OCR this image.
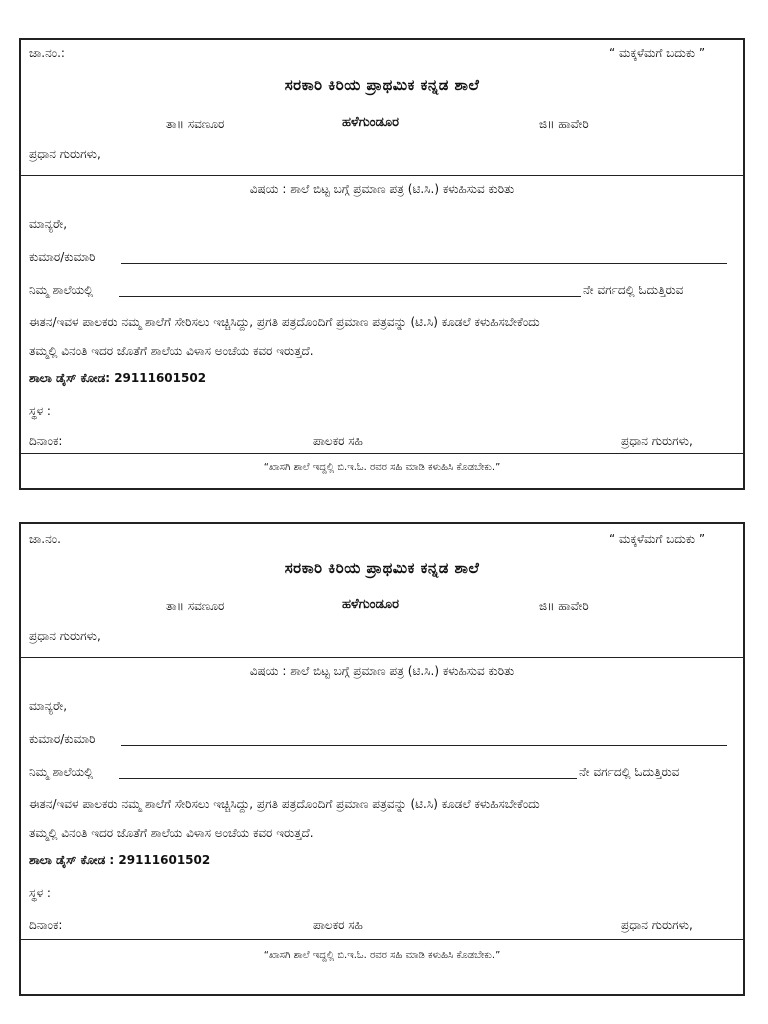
ಜಾ.ನಂ.:	“ ಮಕ್ಕಳೆಮಗೆ ಬದುಕು ”
ಸರಕಾರಿ ಕಿರಿಯ ಪ್ರಾಥಮಿಕ ಕನ್ನಡ ಶಾಲೆ
ತಾ॥ ಸವಣೂರ	ಹಳೆಗುಂಡೂರ	ಜಿ॥ ಹಾವೇರಿ
ಪ್ರಧಾನ ಗುರುಗಳು,
ವಿಷಯ : ಶಾಲೆ ಬಿಟ್ಟ ಬಗ್ಗೆ ಪ್ರಮಾಣ ಪತ್ರ (ಟಿ.ಸಿ.) ಕಳುಹಿಸುವ ಕುರಿತು
ಮಾನ್ಯರೇ,
ಕುಮಾರ/ಕುಮಾರಿ
ನಿಮ್ಮ ಶಾಲೆಯಲ್ಲಿ	ನೇ ವರ್ಗದಲ್ಲಿ ಓದುತ್ತಿರುವ
ಈತನ/ಇವಳ ಪಾಲಕರು ನಮ್ಮ ಶಾಲೆಗೆ ಸೇರಿಸಲು ಇಚ್ಚಿಸಿದ್ದು, ಪ್ರಗತಿ ಪತ್ರದೊಂದಿಗೆ ಪ್ರಮಾಣ ಪತ್ರವನ್ನು (ಟಿ.ಸಿ) ಕೂಡಲೆ ಕಳುಹಿಸಬೇಕೆಂದು
ತಮ್ಮಲ್ಲಿ ವಿನಂತಿ ಇದರ ಜೊತೆಗೆ ಶಾಲೆಯ ವಿಳಾಸ ಅಂಚೆಯ ಕವರ ಇರುತ್ತದೆ.
ಶಾಲಾ ಡೈಸ್ ಕೋಡ: 29111601502
ಸ್ಥಳ :
ದಿನಾಂಕ:	ಪಾಲಕರ ಸಹಿ	ಪ್ರಧಾನ ಗುರುಗಳು,
“ಖಾಸಗಿ ಶಾಲೆ ಇದ್ದಲ್ಲಿ ಬಿ.ಇ.ಓ. ರವರ ಸಹಿ ಮಾಡಿ ಕಳುಹಿಸಿ ಕೊಡಬೇಕು.”
ಜಾ.ನಂ.	“ ಮಕ್ಕಳೆಮಗೆ ಬದುಕು ”
ಸರಕಾರಿ ಕಿರಿಯ ಪ್ರಾಥಮಿಕ ಕನ್ನಡ ಶಾಲೆ
ತಾ॥ ಸವಣೂರ	ಹಳೆಗುಂಡೂರ	ಜಿ॥ ಹಾವೇರಿ
ಪ್ರಧಾನ ಗುರುಗಳು,
ವಿಷಯ : ಶಾಲೆ ಬಿಟ್ಟ ಬಗ್ಗೆ ಪ್ರಮಾಣ ಪತ್ರ (ಟಿ.ಸಿ.) ಕಳುಹಿಸುವ ಕುರಿತು
ಮಾನ್ಯರೇ,
ಕುಮಾರ/ಕುಮಾರಿ
ನಿಮ್ಮ ಶಾಲೆಯಲ್ಲಿ	ನೇ ವರ್ಗದಲ್ಲಿ ಓದುತ್ತಿರುವ
ಈತನ/ಇವಳ ಪಾಲಕರು ನಮ್ಮ ಶಾಲೆಗೆ ಸೇರಿಸಲು ಇಚ್ಚಿಸಿದ್ದು, ಪ್ರಗತಿ ಪತ್ರದೊಂದಿಗೆ ಪ್ರಮಾಣ ಪತ್ರವನ್ನು (ಟಿ.ಸಿ) ಕೂಡಲೆ ಕಳುಹಿಸಬೇಕೆಂದು
ತಮ್ಮಲ್ಲಿ ವಿನಂತಿ ಇದರ ಜೊತೆಗೆ ಶಾಲೆಯ ವಿಳಾಸ ಅಂಚೆಯ ಕವರ ಇರುತ್ತದೆ.
ಶಾಲಾ ಡೈಸ್ ಕೋಡ : 29111601502
ಸ್ಥಳ :
ದಿನಾಂಕ:	ಪಾಲಕರ ಸಹಿ	ಪ್ರಧಾನ ಗುರುಗಳು,
“ಖಾಸಗಿ ಶಾಲೆ ಇದ್ದಲ್ಲಿ ಬಿ.ಇ.ಓ. ರವರ ಸಹಿ ಮಾಡಿ ಕಳುಹಿಸಿ ಕೊಡಬೇಕು.”
